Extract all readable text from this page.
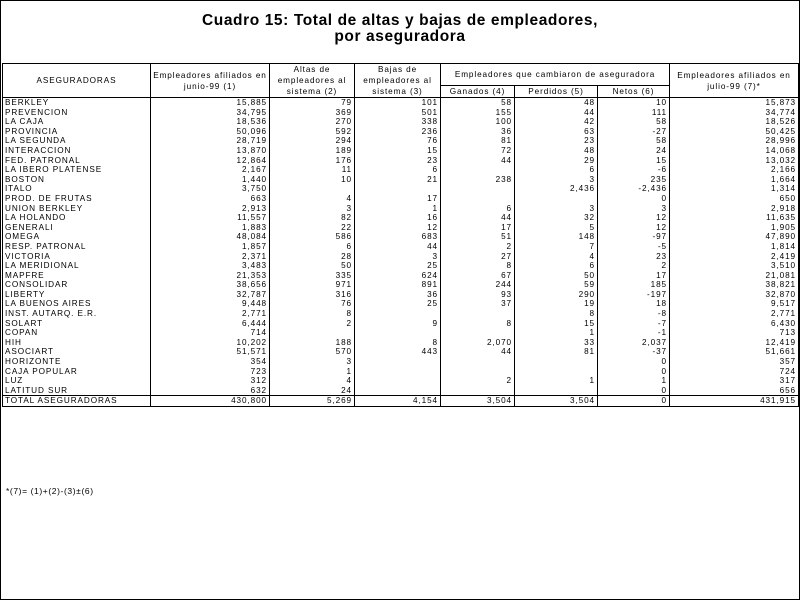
Cuadro 15: Total de altas y bajas de empleadores,
por aseguradora
ASEGURADORAS	Empleadores afiliados en junio-99 (1)	Altas de empleadores al sistema (2)	Bajas de empleadores al sistema (3)	Empleadores que cambiaron de aseguradora			Empleadores afiliados en julio-99 (7)*
				Ganados (4)	Perdidos (5)	Netos (6)	
BERKLEY	15,885	79	101	58	48	10	15,873
PREVENCION	34,795	369	501	155	44	111	34,774
LA CAJA	18,536	270	338	100	42	58	18,526
PROVINCIA	50,096	592	236	36	63	-27	50,425
LA SEGUNDA	28,719	294	76	81	23	58	28,996
INTERACCION	13,870	189	15	72	48	24	14,068
FED. PATRONAL	12,864	176	23	44	29	15	13,032
LA IBERO PLATENSE	2,167	11	6		6	-6	2,166
BOSTON	1,440	10	21	238	3	235	1,664
ITALO	3,750				2,436	-2,436	1,314
PROD. DE FRUTAS	663	4	17			0	650
UNION BERKLEY	2,913	3	1	6	3	3	2,918
LA HOLANDO	11,557	82	16	44	32	12	11,635
GENERALI	1,883	22	12	17	5	12	1,905
OMEGA	48,084	586	683	51	148	-97	47,890
RESP. PATRONAL	1,857	6	44	2	7	-5	1,814
VICTORIA	2,371	28	3	27	4	23	2,419
LA MERIDIONAL	3,483	50	25	8	6	2	3,510
MAPFRE	21,353	335	624	67	50	17	21,081
CONSOLIDAR	38,656	971	891	244	59	185	38,821
LIBERTY	32,787	316	36	93	290	-197	32,870
LA BUENOS AIRES	9,448	76	25	37	19	18	9,517
INST. AUTARQ. E.R.	2,771	8			8	-8	2,771
SOLART	6,444	2	9	8	15	-7	6,430
COPAN	714				1	-1	713
HIH	10,202	188	8	2,070	33	2,037	12,419
ASOCIART	51,571	570	443	44	81	-37	51,661
HORIZONTE	354	3				0	357
CAJA POPULAR	723	1				0	724
LUZ	312	4		2	1	1	317
LATITUD SUR	632	24				0	656
TOTAL ASEGURADORAS	430,800	5,269	4,154	3,504	3,504	0	431,915
*(7)= (1)+(2)-(3)±(6)
